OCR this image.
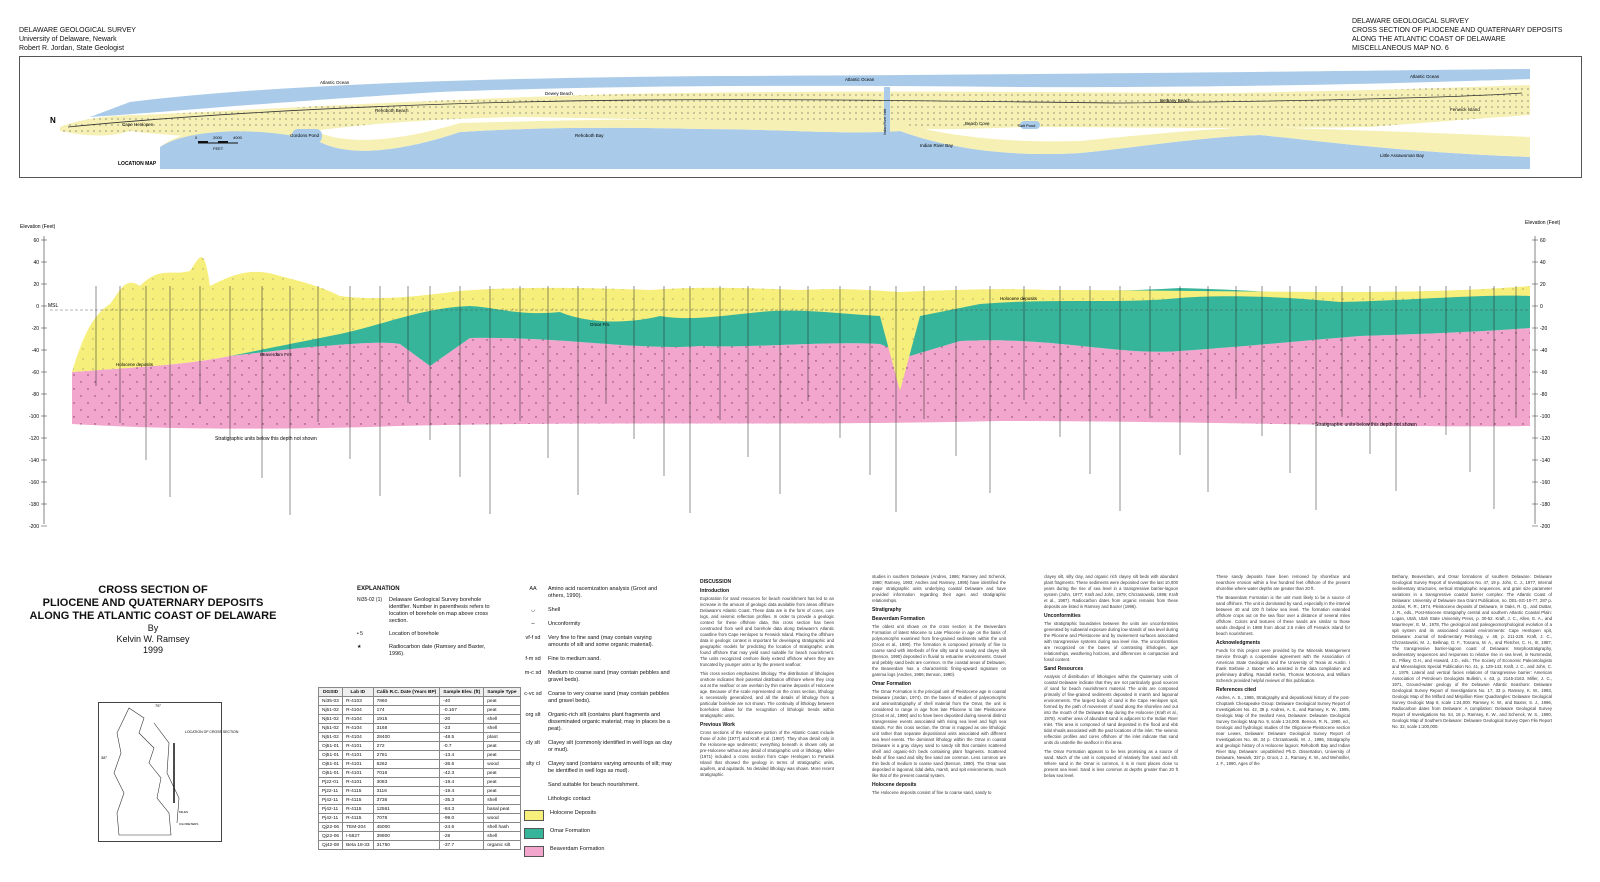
DELAWARE GEOLOGICAL SURVEY
University of Delaware, Newark
Robert R. Jordan, State Geologist
DELAWARE GEOLOGICAL SURVEY
CROSS SECTION OF PLIOCENE AND QUATERNARY DEPOSITS
ALONG THE ATLANTIC COAST OF DELAWARE
MISCELLANEOUS MAP NO. 6
N
Atlantic Ocean
Atlantic Ocean
Atlantic Ocean
Cape Henlopen
Gordons Pond
Rehoboth Beach
Dewey Beach
Rehoboth Bay
Indian River Inlet
Indian River Bay
Beach Cove	Salt Pond
Bethany Beach
Little Assawoman Bay
Fenwick Island
0	2000	4000
FEET
LOCATION MAP
Elevation (Feet)
60
40
20
0
-20
-40
-60
-80
-100
-120
-140
-160
-180
-200
Elevation (Feet)
60
40
20
0
-20
-40
-60
-80
-100
-120
-140
-160
-180
-200
MSL
Stratigraphic units below this depth not shown
Stratigraphic units below this depth not shown
Holocene deposits
Omar Fm.
Beaverdam Fm.
Holocene deposits
CROSS SECTION OF
PLIOCENE AND QUATERNARY DEPOSITS
ALONG THE ATLANTIC COAST OF DELAWARE
By
Kelvin W. Ramsey
1999
75°
38°
LOCATION OF CROSS SECTION
MILES
KILOMETERS
EXPLANATION
Ni35-02 (1) Delaware Geological Survey borehole identifier. Number in parenthesis refers to location of borehole on map above cross section.
• 5	Location of borehole
★	Radiocarbon date (Ramsey and Baxter, 1996).
DGSID	Lab ID	Calib R.C. Date (Years BP)	Sample Elev. (ft)	Sample Type
Ni35-03	R-4103	7860	-40	peat
Nj51-02	R-4104	174	-0.167	peat
Nj51-02	R-4104	1915	-20	shell
Nj51-02	R-4104	3168	-23	shell
Nj51-02	R-4104	28400	-48.5	plant
Oj51-01	R-4101	272	-0.7	peat
Oj51-01	R-4101	2781	-13.4	peat
Oj51-01	R-4101	6262	-36.6	wood
Oj51-01	R-4101	7016	-42.3	peat
Pj22-01	R-4101	3083	-19.4	peat
Pj22-11	R-4115	3116	-19.4	peat
Pj42-11	R-4115	3736	-35.3	shell
Pj42-11	R-4115	12561	-84.3	basal peat
Pj42-11	R-4115	7076	-99.0	wood
Qj22-06	TEM-204	45000	-24.6	shell hash
Qj22-06	I-5827	39900	-28	shell
Qj42-08	Beta 18-33	31750	-37.7	organic silt
AA	Amino acid racemization analysis (Groot and others, 1990).
◡	Shell
∼	Unconformity
vf-f sd Very fine to fine sand (may contain varying amounts of silt and some organic material).
f-m sd Fine to medium sand.
m-c sd Medium to coarse sand (may contain pebbles and gravel beds).
c-vc sd Coarse to very coarse sand (may contain pebbles and gravel beds).
org slt Organic-rich silt (contains plant fragments and disseminated organic material; may in places be a peat).
cly slt	Clayey silt (commonly identified in well logs as clay or mud).
slty cl	Clayey sand (contains varying amounts of silt; may be identified in well logs as mud).
Sand suitable for beach nourishment.
Lithologic contact
Holocene Deposits
Omar Formation
Beaverdam Formation
DISCUSSION
Introduction
Exploration for sand resources for beach nourishment has led to an increase in the amount of geologic data available from areas offshore Delaware's Atlantic Coast. These data are in the form of cores, core logs, and seismic reflection profiles. In order to provide a geologic context for these offshore data, this cross section has been constructed from well and borehole data along Delaware's Atlantic coastline from Cape Henlopen to Fenwick Island. Placing the offshore data in geologic context is important for developing stratigraphic and geographic models for predicting the location of stratigraphic units found offshore that may yield sand suitable for beach nourishment. The units recognized onshore likely extend offshore where they are truncated by younger units or by the present seafloor.
This cross section emphasizes lithology. The distribution of lithologies onshore indicates their potential distribution offshore where they crop out at the seafloor or are overlain by thin marine deposits of Holocene age. Because of the scale represented on the cross section, lithology is necessarily generalized, and all the details of lithology from a particular borehole are not shown. The continuity of lithology between boreholes allows for the recognition of lithologic trends within stratigraphic units.
Previous Work
Cross sections of the Holocene portion of the Atlantic Coast include those of John (1977) and Kraft et al. (1987). They show detail only in the Holocene-age sediments; everything beneath is shown only as pre-Holocene without any detail of stratigraphic unit or lithology. Miller (1971) included a cross section from Cape Henlopen to Fenwick Island that showed the geology in terms of stratigraphic units, aquifers, and aquitards. No detailed lithology was shown. More recent stratigraphic
studies in southern Delaware (Andres, 1986; Ramsey and Schenck, 1990; Ramsey, 1993; Andres and Ramsey, 1995) have identified the major stratigraphic units underlying coastal Delaware and have provided information regarding their ages and stratigraphic relationships.
Stratigraphy
Beaverdam Formation
The oldest unit shown on the cross section is the Beaverdam Formation of latest Miocene to Late Pliocene in age on the basis of polynomorphs examined from fine-grained sediments within the unit (Groot et al., 1990). The formation is composed primarily of fine to coarse sand with interbeds of fine silty sand to sandy and clayey silt (Benson, 1990) deposited in fluvial to estuarine environments. Gravel and pebbly sand beds are common. In the coastal areas of Delaware, the Beaverdam has a characteristic fining-upward signature on gamma logs (Andres, 1986; Benson, 1990).
Omar Formation
The Omar Formation is the principal unit of Pleistocene age in coastal Delaware (Jordan, 1974). On the bases of studies of palynomorphs and aminostratigraphy of shell material from the Omar, the unit is considered to range in age from late Pliocene to late Pleistocene (Groot et al., 1990) and to have been deposited during several distinct transgressive events associated with rising sea level and high sea stands. For this cross section, the Omar is mapped as one lithologic unit rather than separate depositional units associated with different sea level events. The dominant lithology within the Omar in coastal Delaware is a gray clayey sand to sandy silt that contains scattered shell and organic-rich beds containing plant fragments. Scattered beds of fine sand and silty fine sand are common. Less common are thin beds of medium to coarse sand (Benson, 1990). The Omar was deposited in lagoonal, tidal delta, marsh, and spit environments, much like that of the present coastal system.
Holocene deposits
The Holocene deposits consist of fine to coarse sand, sandy to
clayey silt, silty clay, and organic rich clayey silt beds with abundant plant fragments. These sediments were deposited over the last 10,000 years during the rise of sea level in a transgressive barrier-lagoon system (John, 1977; Kraft and John, 1979; Chrzastowski, 1986; Kraft et al., 1987). Radiocarbon dates from organic remains from these deposits are listed in Ramsey and Baxter (1996).
Unconformities
The stratigraphic boundaries between the units are unconformities generated by subaerial exposure during low stands of sea level during the Pliocene and Pleistocene and by ravinement surfaces associated with transgressive systems during sea level rise. The unconformities are recognized on the bases of contrasting lithologies, age relationships, weathering horizons, and differences in compaction and fossil content.
Sand Resources
Analysis of distribution of lithologies within the Quaternary units of coastal Delaware indicate that they are not particularly good sources of sand for beach nourishment material. The units are composed primarily of fine-grained sediments deposited in marsh and lagoonal environments. The largest body of sand is the Cape Henlopen spit, formed by the path of movement of sand along the shoreline and out into the mouth of the Delaware Bay during the Holocene (Kraft et al., 1978). Another area of abundant sand is adjacent to the Indian River Inlet. This area is composed of sand deposited in the flood and ebb tidal shoals associated with the past locations of the inlet. The seismic reflection profiles and cores offshore of the inlet indicate that sand units do underlie the seafloor in this area.
The Omar Formation appears to be less promising as a source of sand. Much of the unit is composed of relatively fine sand and silt. Where sand in the Omar is common, it is in most places close to present sea level. Sand is less common at depths greater than 20 ft below sea level.
These sandy deposits have been removed by shoreface and nearshore erosion within a few hundred feet offshore of the present shoreline where water depths are greater than 20 ft.
The Beaverdam Formation is the unit most likely to be a source of sand offshore. The unit is dominated by sand, especially in the interval between 40 and 100 ft below sea level. The formation extended offshore crops out on the sea floor over a distance of several miles offshore. Colors and textures of these sands are similar to those sands dredged in 1988 from about 2.5 miles off Fenwick Island for beach nourishment.
Acknowledgments
Funds for this project were provided by the Minerals Management Service through a cooperative agreement with the Association of American State Geologists and the University of Texas at Austin. I thank Stefanie J. Baxter who assisted in the data compilation and preliminary drafting. Randall Kerhin, Thomas McKenna, and William Schenck provided helpful reviews of this publication.
References cited
Andres, A. S., 1986, Stratigraphy and depositional history of the post-Choptank Chesapeake Group: Delaware Geological Survey Report of Investigations No. 42, 39 p. Andres, A. S., and Ramsey, K. W., 1995, Geologic Map of the Seaford Area, Delaware: Delaware Geological Survey Geologic Map No. 9, scale 1:24,000. Benson, R. N., 1990, ed., Geologic and hydrologic studies of the Oligocene-Pleistocene section near Lewes, Delaware: Delaware Geological Survey Report of Investigations No. 48, 34 p. Chrzastowski, M. J., 1986, Stratigraphy and geologic history of a Holocene lagoon: Rehoboth Bay and Indian River Bay, Delaware: unpublished Ph.D. Dissertation, University of Delaware, Newark, 337 p. Groot, J. J., Ramsey, K. W., and Wehmiller, J. F., 1990, Ages of the
Bethany, Beaverdam, and Omar formations of southern Delaware: Delaware Geological Survey Report of Investigations No. 47, 19 p. John, C. J., 1977, Internal sedimentary structures, vertical stratigraphic sequences, and grain size parameter variations in a transgressive coastal barrier complex: The Atlantic Coast of Delaware: University of Delaware Sea Grant Publication, no. DEL-SG-10-77, 287 p. Jordan, R. R., 1974, Pleistocene deposits of Delaware, in Oaks, R. Q., and DuBar, J. R., eds., Post-Miocene stratigraphy central and southern Atlantic Coastal Plain: Logan, Utah, Utah State University Press, p. 30-52. Kraft, J. C., Allen, E. A., and Maurmeyer, E. M., 1978, The geological and paleogeomorphological evolution of a spit system and its associated coastal environments: Cape Henlopen spit, Delaware: Journal of Sedimentary Petrology, v. 48, p. 211-226. Kraft, J. C., Chrzastowski, M. J., Belknap, D. F., Toscano, M. A., and Fletcher, C. H., III, 1987, The transgressive barrier-lagoon coast of Delaware: Morphostratigraphy, sedimentary sequences and responses to relative rise in sea level, in Nummedal, D., Pilkey, O.H., and Howard, J.D., eds.: The Society of Economic Paleontologists and Mineralogists Special Publication No. 41, p. 129-143. Kraft, J. C., and John, C. J., 1979, Lateral and vertical facies relations of transgressive barrier: American Association of Petroleum Geologists Bulletin, v. 63, p. 2145-2163. Miller, J. C., 1971, Ground-water geology of the Delaware Atlantic Seashore: Delaware Geological Survey Report of Investigations No. 17, 33 p. Ramsey, K. W., 1993, Geologic Map of the Milford and Mispillion River Quadrangles: Delaware Geological Survey Geologic Map 8, scale 1:24,000. Ramsey, K. W., and Baxter, S. J., 1996, Radiocarbon dates from Delaware: A compilation: Delaware Geological Survey Report of Investigations No. 54, 18 p. Ramsey, K. W., and Schenck, W. S., 1990, Geologic Map of Southern Delaware: Delaware Geological Survey Open File Report No. 32, scale 1:100,000.
